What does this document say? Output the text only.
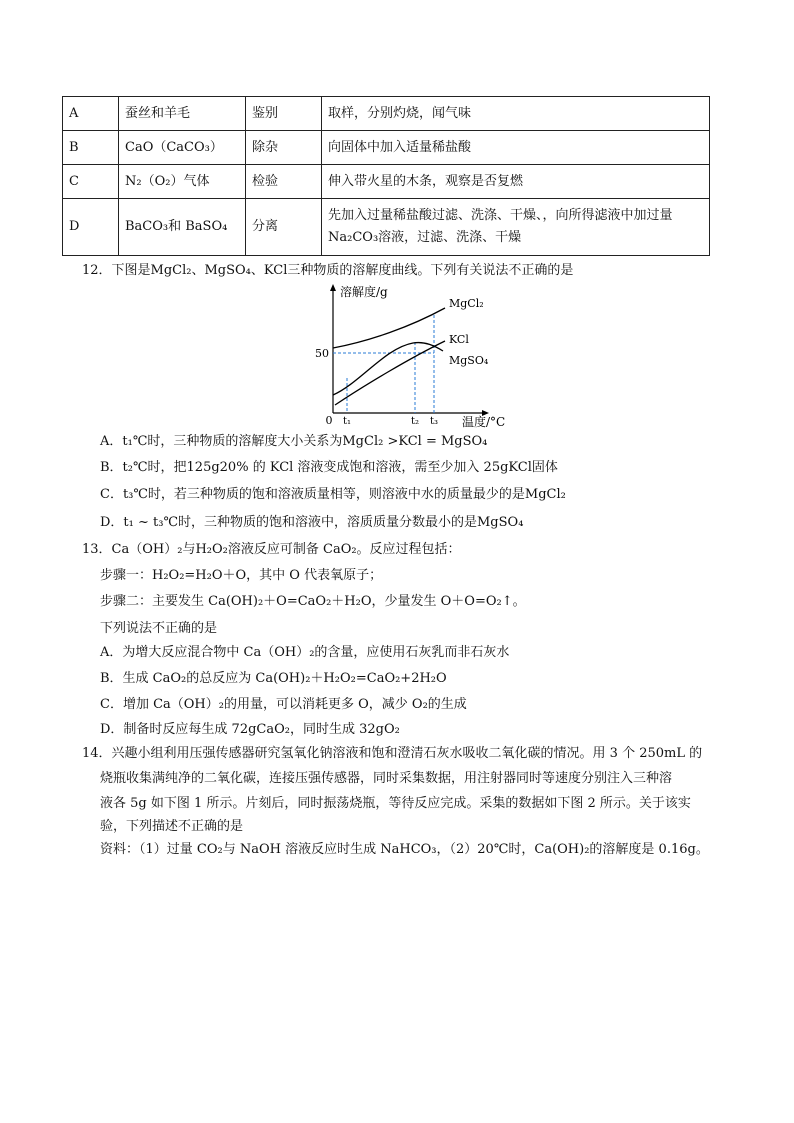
A	蚕丝和羊毛	鉴别	取样，分别灼烧，闻气味
B	CaO（CaCO₃）	除杂	向固体中加入适量稀盐酸
C	N₂（O₂）气体	检验	伸入带火星的木条，观察是否复燃
D	BaCO₃和 BaSO₄	分离	先加入过量稀盐酸过滤、洗涤、干燥、，向所得滤液中加过量 Na₂CO₃溶液，过滤、洗涤、干燥
12．下图是MgCl₂、MgSO₄、KCl三种物质的溶解度曲线。下列有关说法不正确的是
溶解度/g
温度/°C
0
50
t₁	t₂ t₃
MgCl₂
KCl
MgSO₄
A．t₁℃时，三种物质的溶解度大小关系为MgCl₂ >KCl = MgSO₄
B．t₂℃时，把125g20% 的 KCl 溶液变成饱和溶液，需至少加入 25gKCl固体
C．t₃℃时，若三种物质的饱和溶液质量相等，则溶液中水的质量最少的是MgCl₂
D．t₁ ~ t₃℃时，三种物质的饱和溶液中，溶质质量分数最小的是MgSO₄
13．Ca（OH）₂与H₂O₂溶液反应可制备 CaO₂。反应过程包括：
步骤一：H₂O₂=H₂O＋O，其中 O 代表氧原子；
步骤二：主要发生 Ca(OH)₂＋O=CaO₂＋H₂O，少量发生 O＋O=O₂↑。
下列说法不正确的是
A．为增大反应混合物中 Ca（OH）₂的含量，应使用石灰乳而非石灰水
B．生成 CaO₂的总反应为 Ca(OH)₂＋H₂O₂=CaO₂+2H₂O
C．增加 Ca（OH）₂的用量，可以消耗更多 O，减少 O₂的生成
D．制备时反应每生成 72gCaO₂，同时生成 32gO₂
14．兴趣小组利用压强传感器研究氢氧化钠溶液和饱和澄清石灰水吸收二氧化碳的情况。用 3 个 250mL 的
烧瓶收集满纯净的二氧化碳，连接压强传感器，同时采集数据，用注射器同时等速度分别注入三种溶
液各 5g 如下图 1 所示。片刻后，同时振荡烧瓶，等待反应完成。采集的数据如下图 2 所示。关于该实
验，下列描述不正确的是
资料：（1）过量 CO₂与 NaOH 溶液反应时生成 NaHCO₃，（2）20℃时，Ca(OH)₂的溶解度是 0.16g。
